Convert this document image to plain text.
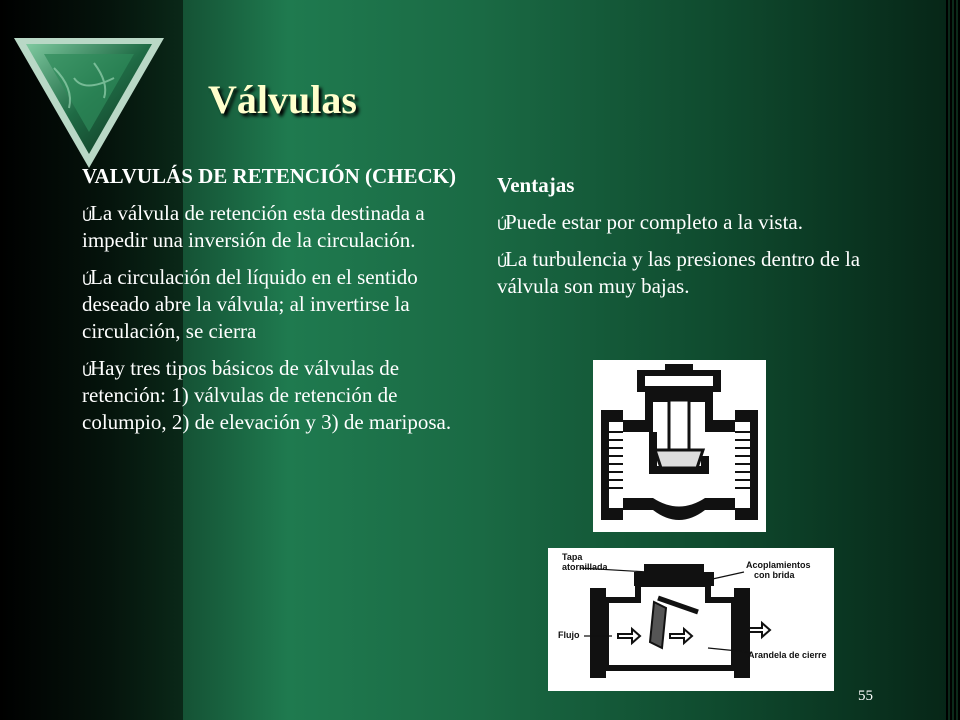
Válvulas
VALVULÁS DE RETENCIÓN (CHECK)
Ú
La válvula de retención esta destinada a impedir una inversión de la circulación.
Ú
La circulación del líquido en el sentido deseado abre la válvula; al invertirse la circulación, se cierra
Ú
Hay tres tipos básicos de válvulas de retención: 1) válvulas de retención de columpio, 2) de elevación y 3) de mariposa.
Ventajas
Ú
Puede estar por completo a la vista.
Ú
La turbulencia y las presiones dentro de la válvula son muy bajas.
Tapa
atornillada	Acoplamientos
con brida
Flujo
Arandela de cierre
55
